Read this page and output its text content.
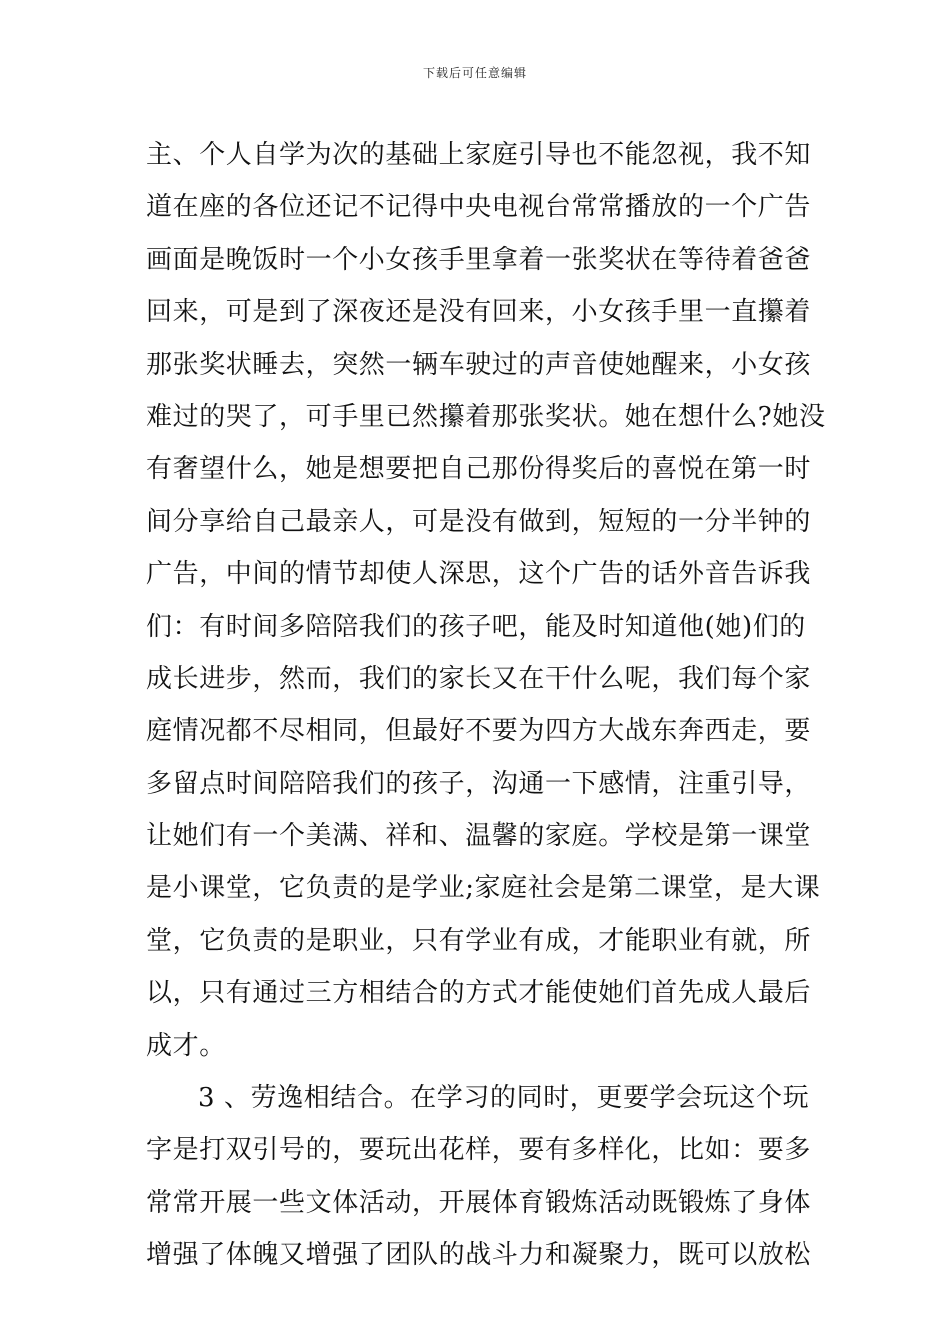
下载后可任意编辑
主、个人自学为次的基础上家庭引导也不能忽视，我不知
道在座的各位还记不记得中央电视台常常播放的一个广告
画面是晚饭时一个小女孩手里拿着一张奖状在等待着爸爸
回来，可是到了深夜还是没有回来，小女孩手里一直攥着
那张奖状睡去，突然一辆车驶过的声音使她醒来，小女孩
难过的哭了，可手里已然攥着那张奖状。她在想什么?她没
有奢望什么，她是想要把自己那份得奖后的喜悦在第一时
间分享给自己最亲人，可是没有做到，短短的一分半钟的
广告，中间的情节却使人深思，这个广告的话外音告诉我
们：有时间多陪陪我们的孩子吧，能及时知道他(她)们的
成长进步，然而，我们的家长又在干什么呢，我们每个家
庭情况都不尽相同，但最好不要为四方大战东奔西走，要
多留点时间陪陪我们的孩子，沟通一下感情，注重引导，
让她们有一个美满、祥和、温馨的家庭。学校是第一课堂
是小课堂，它负责的是学业;家庭社会是第二课堂，是大课
堂，它负责的是职业，只有学业有成，才能职业有就，所
以，只有通过三方相结合的方式才能使她们首先成人最后
成才。
3 、劳逸相结合。在学习的同时，更要学会玩这个玩
字是打双引号的，要玩出花样，要有多样化，比如：要多
常常开展一些文体活动，开展体育锻炼活动既锻炼了身体
增强了体魄又增强了团队的战斗力和凝聚力，既可以放松
